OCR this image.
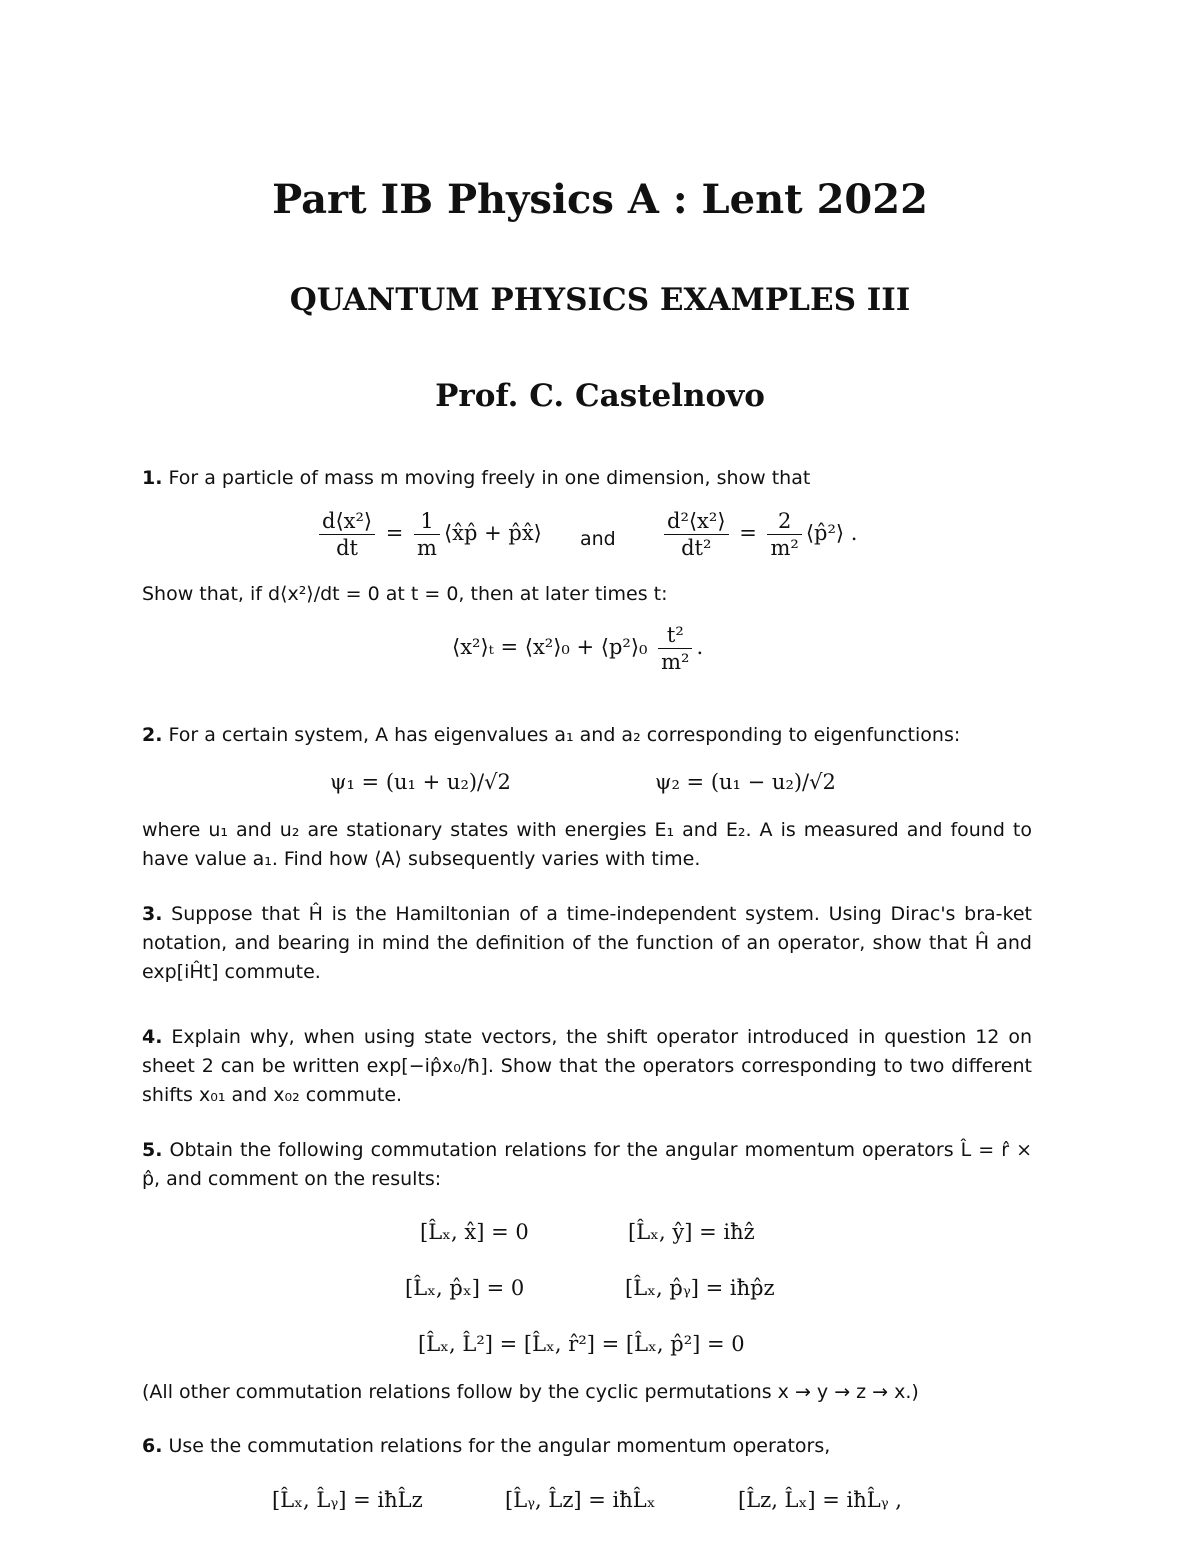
Part IB Physics A : Lent 2022
QUANTUM PHYSICS EXAMPLES III
Prof. C. Castelnovo

1. For a particle of mass m moving freely in one dimension, show that

$\frac{\text{d⟨x²⟩}}{dt} = \frac{1}{m}$ ⟨x̂p̂ + p̂x̂⟩ and $\frac{\text{d²⟨x²⟩}}{\text{dt²}} = \frac{2}{\text{m²}}$ ⟨p̂²⟩ .

Show that, if d⟨x²⟩/dt = 0 at t = 0, then at later times t:

⟨x²⟩ₜ = ⟨x²⟩₀ + ⟨p²⟩₀ $\frac{\text{t²}}{\text{m²}}$ .

2. For a certain system, A has eigenvalues a₁ and a₂ corresponding to eigenfunctions:

ψ₁ = (u₁ + u₂)/√2	ψ₂ = (u₁ − u₂)/√2

where u₁ and u₂ are stationary states with energies E₁ and E₂. A is measured and found to have value a₁. Find how ⟨A⟩ subsequently varies with time.

3. Suppose that Ĥ is the Hamiltonian of a time-independent system. Using Dirac's bra-ket notation, and bearing in mind the definition of the function of an operator, show that Ĥ and exp[iĤt] commute.

4. Explain why, when using state vectors, the shift operator introduced in question 12 on sheet 2 can be written exp[−ip̂x₀/ħ]. Show that the operators corresponding to two different shifts x₀₁ and x₀₂ commute.

5. Obtain the following commutation relations for the angular momentum operators L̂ = r̂ × p̂, and comment on the results:

[L̂ₓ, x̂] = 0	[L̂ₓ, ŷ] = iħẑ
[L̂ₓ, p̂ₓ] = 0	[L̂ₓ, p̂ᵧ] = iħp̂z
[L̂ₓ, L̂²] = [L̂ₓ, r̂²] = [L̂ₓ, p̂²] = 0

(All other commutation relations follow by the cyclic permutations x → y → z → x.)

6. Use the commutation relations for the angular momentum operators,

[L̂ₓ, L̂ᵧ] = iħL̂z	[L̂ᵧ, L̂z] = iħL̂ₓ	[L̂z, L̂ₓ] = iħL̂ᵧ ,
